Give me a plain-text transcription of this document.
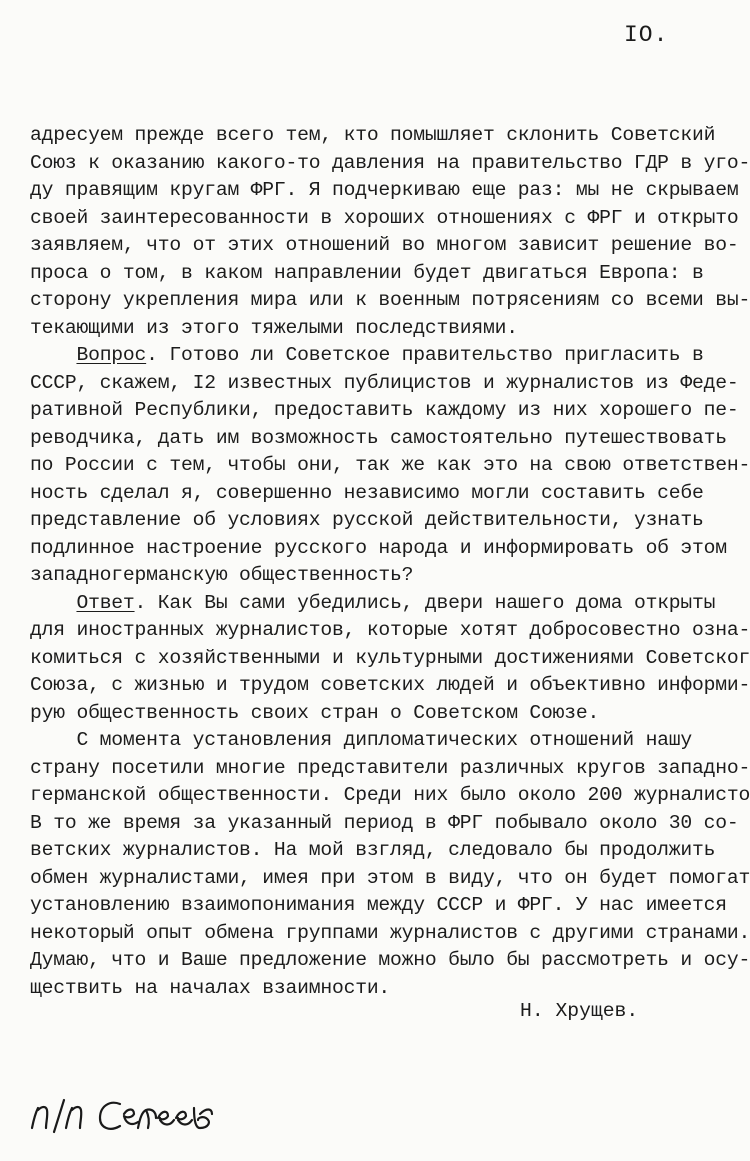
IO.
адресуем прежде всего тем, кто помышляет склонить Советский
Союз к оказанию какого-то давления на правительство ГДР в уго-
ду правящим кругам ФРГ. Я подчеркиваю еще раз: мы не скрываем
своей заинтересованности в хороших отношениях с ФРГ и открыто
заявляем, что от этих отношений во многом зависит решение во-
проса о том, в каком направлении будет двигаться Европа: в
сторону укрепления мира или к военным потрясениям со всеми вы-
текающими из этого тяжелыми последствиями.
Вопрос. Готово ли Советское правительство пригласить в
СССР, скажем, I2 известных публицистов и журналистов из Феде-
ративной Республики, предоставить каждому из них хорошего пе-
реводчика, дать им возможность самостоятельно путешествовать
по России с тем, чтобы они, так же как это на свою ответствен-
ность сделал я, совершенно независимо могли составить себе
представление об условиях русской действительности, узнать
подлинное настроение русского народа и информировать об этом
западногерманскую общественность?
Ответ. Как Вы сами убедились, двери нашего дома открыты
для иностранных журналистов, которые хотят добросовестно озна-
комиться с хозяйственными и культурными достижениями Советског
Союза, с жизнью и трудом советских людей и объективно информи-
рую общественность своих стран о Советском Союзе.
С момента установления дипломатических отношений нашу
страну посетили многие представители различных кругов западно-
германской общественности. Среди них было около 200 журналисто
В то же время за указанный период в ФРГ побывало около 30 со-
ветских журналистов. На мой взгляд, следовало бы продолжить
обмен журналистами, имея при этом в виду, что он будет помогат
установлению взаимопонимания между СССР и ФРГ. У нас имеется
некоторый опыт обмена группами журналистов с другими странами.
Думаю, что и Ваше предложение можно было бы рассмотреть и осу-
ществить на началах взаимности.
Н. Хрущев.
